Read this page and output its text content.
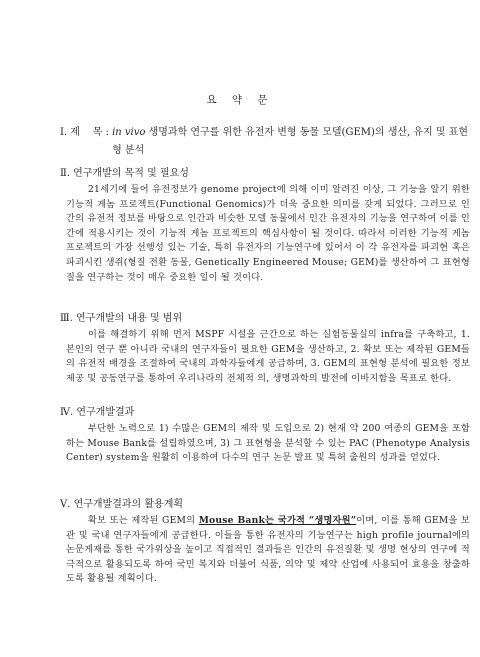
요 약 문
Ⅰ. 제    목 : in vivo 생명과학 연구를 위한 유전자 변형 동물 모델(GEM)의 생산, 유지 및 표현형 분석
Ⅱ. 연구개발의 목적 및 필요성

21세기에 들어 유전정보가 genome project에 의해 이미 알려진 이상, 그 기능을 알기 위한 기능적 게놈 프로젝트(Functional Genomics)가 더욱 중요한 의미를 갖게 되었다. 그러므로 인간의 유전적 정보를 바탕으로 인간과 비슷한 모델 동물에서 인간 유전자의 기능을 연구하여 이를 인간에 적용시키는 것이 기능적 게놈 프로젝트의 핵심사항이 될 것이다. 따라서 이러한 기능적 게놈 프로젝트의 가장 선행성 있는 기술, 특히 유전자의 기능연구에 있어서 이 각 유전자를 파괴현 혹은 파괴시킨 생쥐(형질 전환 동물, Genetically Engineered Mouse; GEM)를 생산하여 그 표현형질을 연구하는 것이 매우 중요한 일이 될 것이다.

Ⅲ. 연구개발의 내용 및 범위

이를 해결하기 위해 먼저 MSPF 시설을 근간으로 하는 실험동물실의 infra를 구축하고, 1. 본인의 연구 뿐 아니라 국내의 연구자들이 필요한 GEM을 생산하고, 2. 확보 또는 제작된 GEM들의 유전적 배경을 조절하여 국내의 과학자들에게 공급하며, 3. GEM의 표현형 분석에 필요한 정보 제공 및 공동연구를 통하여 우리나라의 전체적 의, 생명과학의 발전에 이바지함을 목표로 한다.

Ⅳ. 연구개발결과

부단한 노력으로 1) 수많은 GEM의 제작 및 도입으로 2) 현재 약 200 여종의 GEM을 포함하는 Mouse Bank를 설립하였으며, 3) 그 표현형을 분석할 수 있는 PAC (Phenotype Analysis Center) system을 원활히 이용하여 다수의 연구 논문 발표 및 특허 출원의 성과를 얻었다.

Ⅴ. 연구개발결과의 활용계획

확보 또는 제작된 GEM의 Mouse Bank는 국가적 “생명자원”이며, 이를 통해 GEM을 보관 및 국내 연구자들에게 공급한다. 이들을 통한 유전자의 기능연구는 high profile journal에의 논문게재를 통한 국가위상을 높이고 직접적인 결과들은 인간의 유전질환 및 생명 현상의 연구에 적극적으로 활용되도록 하여 국민 복지와 더불어 식품, 의약 및 제약 산업에 사용되어 효용을 창출하도록 활용될 계획이다.
